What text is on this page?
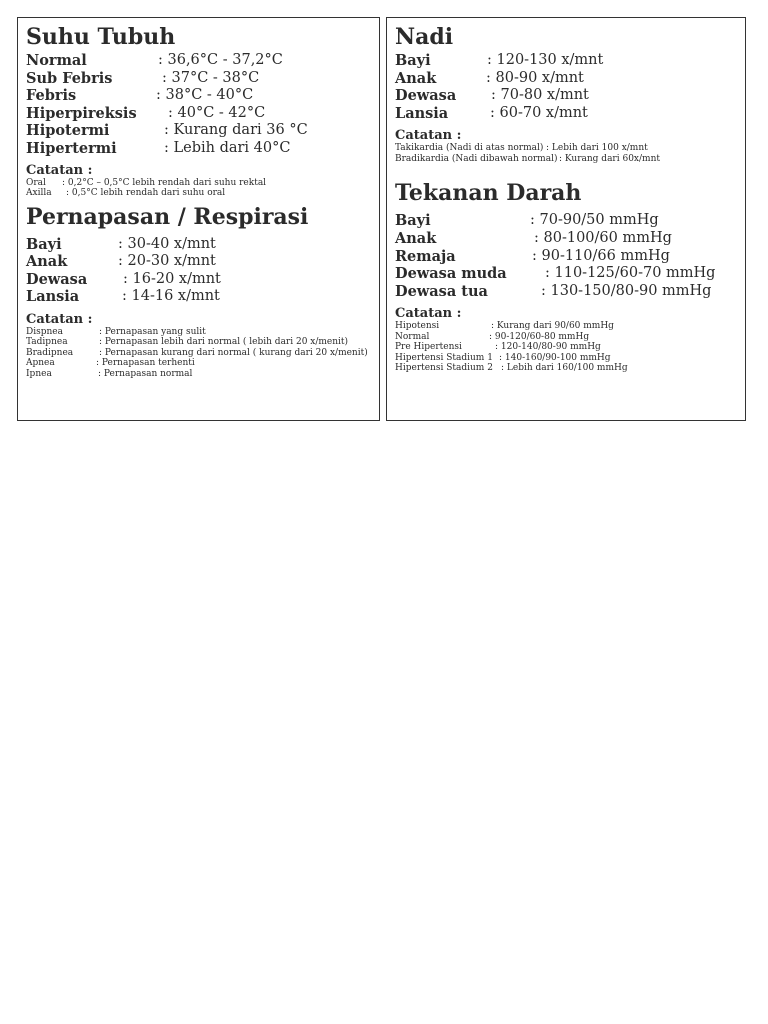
Suhu Tubuh
Normal	: 36,6°C - 37,2°C
Sub Febris	: 37°C - 38°C
Febris	: 38°C - 40°C
Hiperpireksis	: 40°C - 42°C
Hipotermi	: Kurang dari 36 °C
Hipertermi	: Lebih dari 40°C
Catatan :
Oral	: 0,2°C – 0,5°C lebih rendah dari suhu rektal
Axilla	: 0,5°C lebih rendah dari suhu oral
Pernapasan / Respirasi
Bayi	: 30-40 x/mnt
Anak	: 20-30 x/mnt
Dewasa	: 16-20 x/mnt
Lansia	: 14-16 x/mnt
Catatan :
Dispnea	: Pernapasan yang sulit
Tadipnea	: Pernapasan lebih dari normal ( lebih dari 20 x/menit)
Bradipnea	: Pernapasan kurang dari normal ( kurang dari 20 x/menit)
Apnea	: Pernapasan terhenti
Ipnea	: Pernapasan normal
Nadi
Bayi	: 120-130 x/mnt
Anak	: 80-90 x/mnt
Dewasa	: 70-80 x/mnt
Lansia	: 60-70 x/mnt
Catatan :
Takikardia (Nadi di atas normal) : Lebih dari 100 x/mnt
Bradikardia (Nadi dibawah normal) : Kurang dari 60x/mnt
Tekanan Darah
Bayi	: 70-90/50 mmHg
Anak	: 80-100/60 mmHg
Remaja	: 90-110/66 mmHg
Dewasa muda	: 110-125/60-70 mmHg
Dewasa tua	: 130-150/80-90 mmHg
Catatan :
Hipotensi	: Kurang dari 90/60 mmHg
Normal	: 90-120/60-80 mmHg
Pre Hipertensi	: 120-140/80-90 mmHg
Hipertensi Stadium 1 : 140-160/90-100 mmHg
Hipertensi Stadium 2 : Lebih dari 160/100 mmHg
